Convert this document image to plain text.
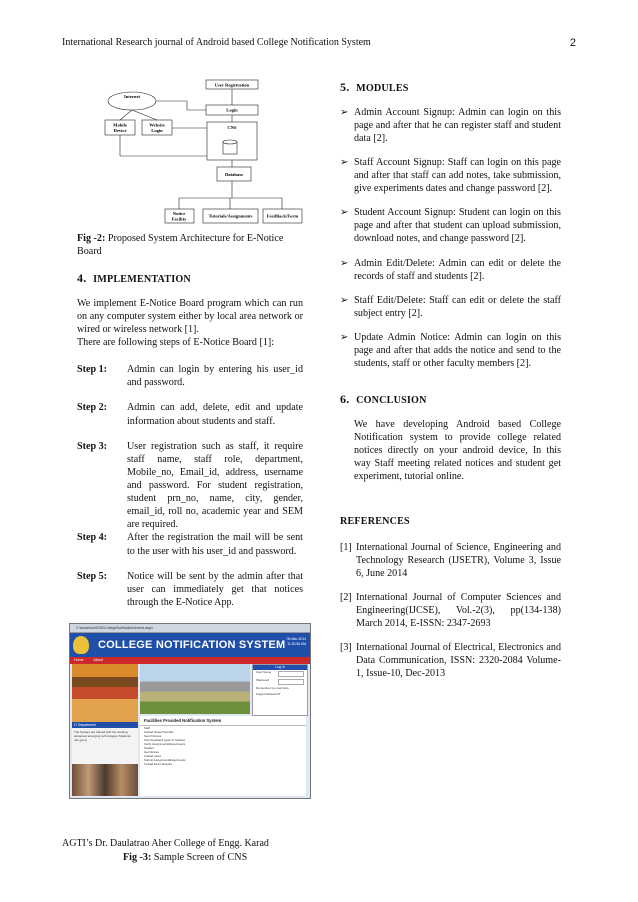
International Research journal of Android based College Notification System	2
User Registration
Login
Internet
Mobile
Device
Website
Login
CNS
Database
Notice
Facility
Tutorials/Assignments	FeedBack/Form
Fig -2: Proposed System Architecture for E-Notice Board
4. IMPLEMENTATION

We implement E-Notice Board program which can run on any computer system either by local area network or wired or wireless network [1].

There are following steps of E-Notice Board [1]:

Step 1:	Admin can login by entering his user_id and password.
Step 2:	Admin can add, delete, edit and update information about students and staff.
Step 3:	User registration such as staff, it require staff name, staff role, department, Mobile_no, Email_id, address, username and password. For student registration, student prn_no, name, city, gender, email_id, roll no, academic year and SEM are required.
Step 4:	After the registration the mail will be sent to the user with his user_id and password.
Step 5:	Notice will be sent by the admin after that user can immediately get that notices through the E-Notice App.
C:\localhost\CNS\CollegeNotification\home.aspx
COLLEGE NOTIFICATION SYSTEM 06-Mar-2014
11:20:56 AM
Home	About
IT Department
The System are trained with the working advanced emerging technologies Students can get to
Log In
User Name
Password
Remember me next time
Forgot Password?
Facilities Provided Notification System
Staff
Upload Notes/Tutorials
Send Notices
Sms Feedback given to Student
Verify Assignments/Experiments
Student
Get Notices
Upload notes
Submit Assignment/Experiments
Upload Exam Results
Fig -3: Sample Screen of CNS
5. MODULES
➢ Admin Account Signup: Admin can login on this page and after that he can register staff and student data [2].
➢ Staff Account Signup: Staff can login on this page and after that staff can add notes, take submission, give experiments dates and change password [2].
➢ Student Account Signup: Student can login on this page and after that student can upload submission, download notes, and change password [2].
➢ Admin Edit/Delete: Admin can edit or delete the records of staff and students [2].
➢ Staff Edit/Delete: Staff can edit or delete the staff subject entry [2].
➢ Update Admin Notice: Admin can login on this page and after that adds the notice and send to the students, staff or other faculty members [2].
6. CONCLUSION

We have developing Android based College Notification system to provide college related notices directly on your android device, In this way Staff meeting related notices and student get experiment, tutorial online.

REFERENCES
[1] International Journal of Science, Engineering and Technology Research (IJSETR), Volume 3, Issue 6, June 2014
[2] International Journal of Computer Sciences and Engineering(IJCSE), Vol.-2(3), pp(134-138) March 2014, E-ISSN: 2347-2693
[3] International Journal of Electrical, Electronics and Data Communication, ISSN: 2320-2084 Volume-1, Issue-10, Dec-2013
AGTI’s Dr. Daulatrao Aher College of Engg. Karad
